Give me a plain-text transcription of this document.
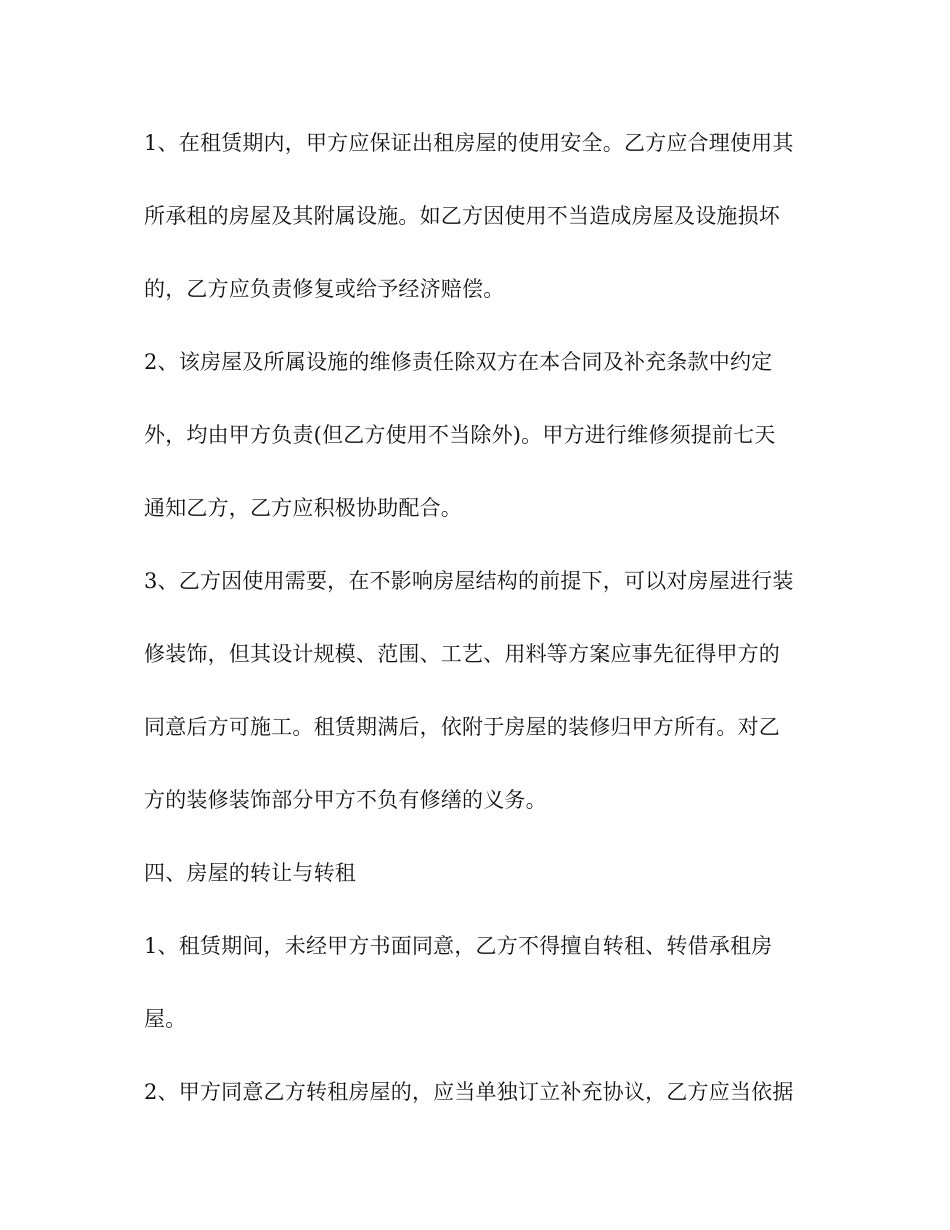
1、在租赁期内，甲方应保证出租房屋的使用安全。乙方应合理使用其
所承租的房屋及其附属设施。如乙方因使用不当造成房屋及设施损坏
的，乙方应负责修复或给予经济赔偿。
2、该房屋及所属设施的维修责任除双方在本合同及补充条款中约定
外，均由甲方负责(但乙方使用不当除外)。甲方进行维修须提前七天
通知乙方，乙方应积极协助配合。
3、乙方因使用需要，在不影响房屋结构的前提下，可以对房屋进行装
修装饰，但其设计规模、范围、工艺、用料等方案应事先征得甲方的
同意后方可施工。租赁期满后，依附于房屋的装修归甲方所有。对乙
方的装修装饰部分甲方不负有修缮的义务。
四、房屋的转让与转租
1、租赁期间，未经甲方书面同意，乙方不得擅自转租、转借承租房
屋。
2、甲方同意乙方转租房屋的，应当单独订立补充协议，乙方应当依据
